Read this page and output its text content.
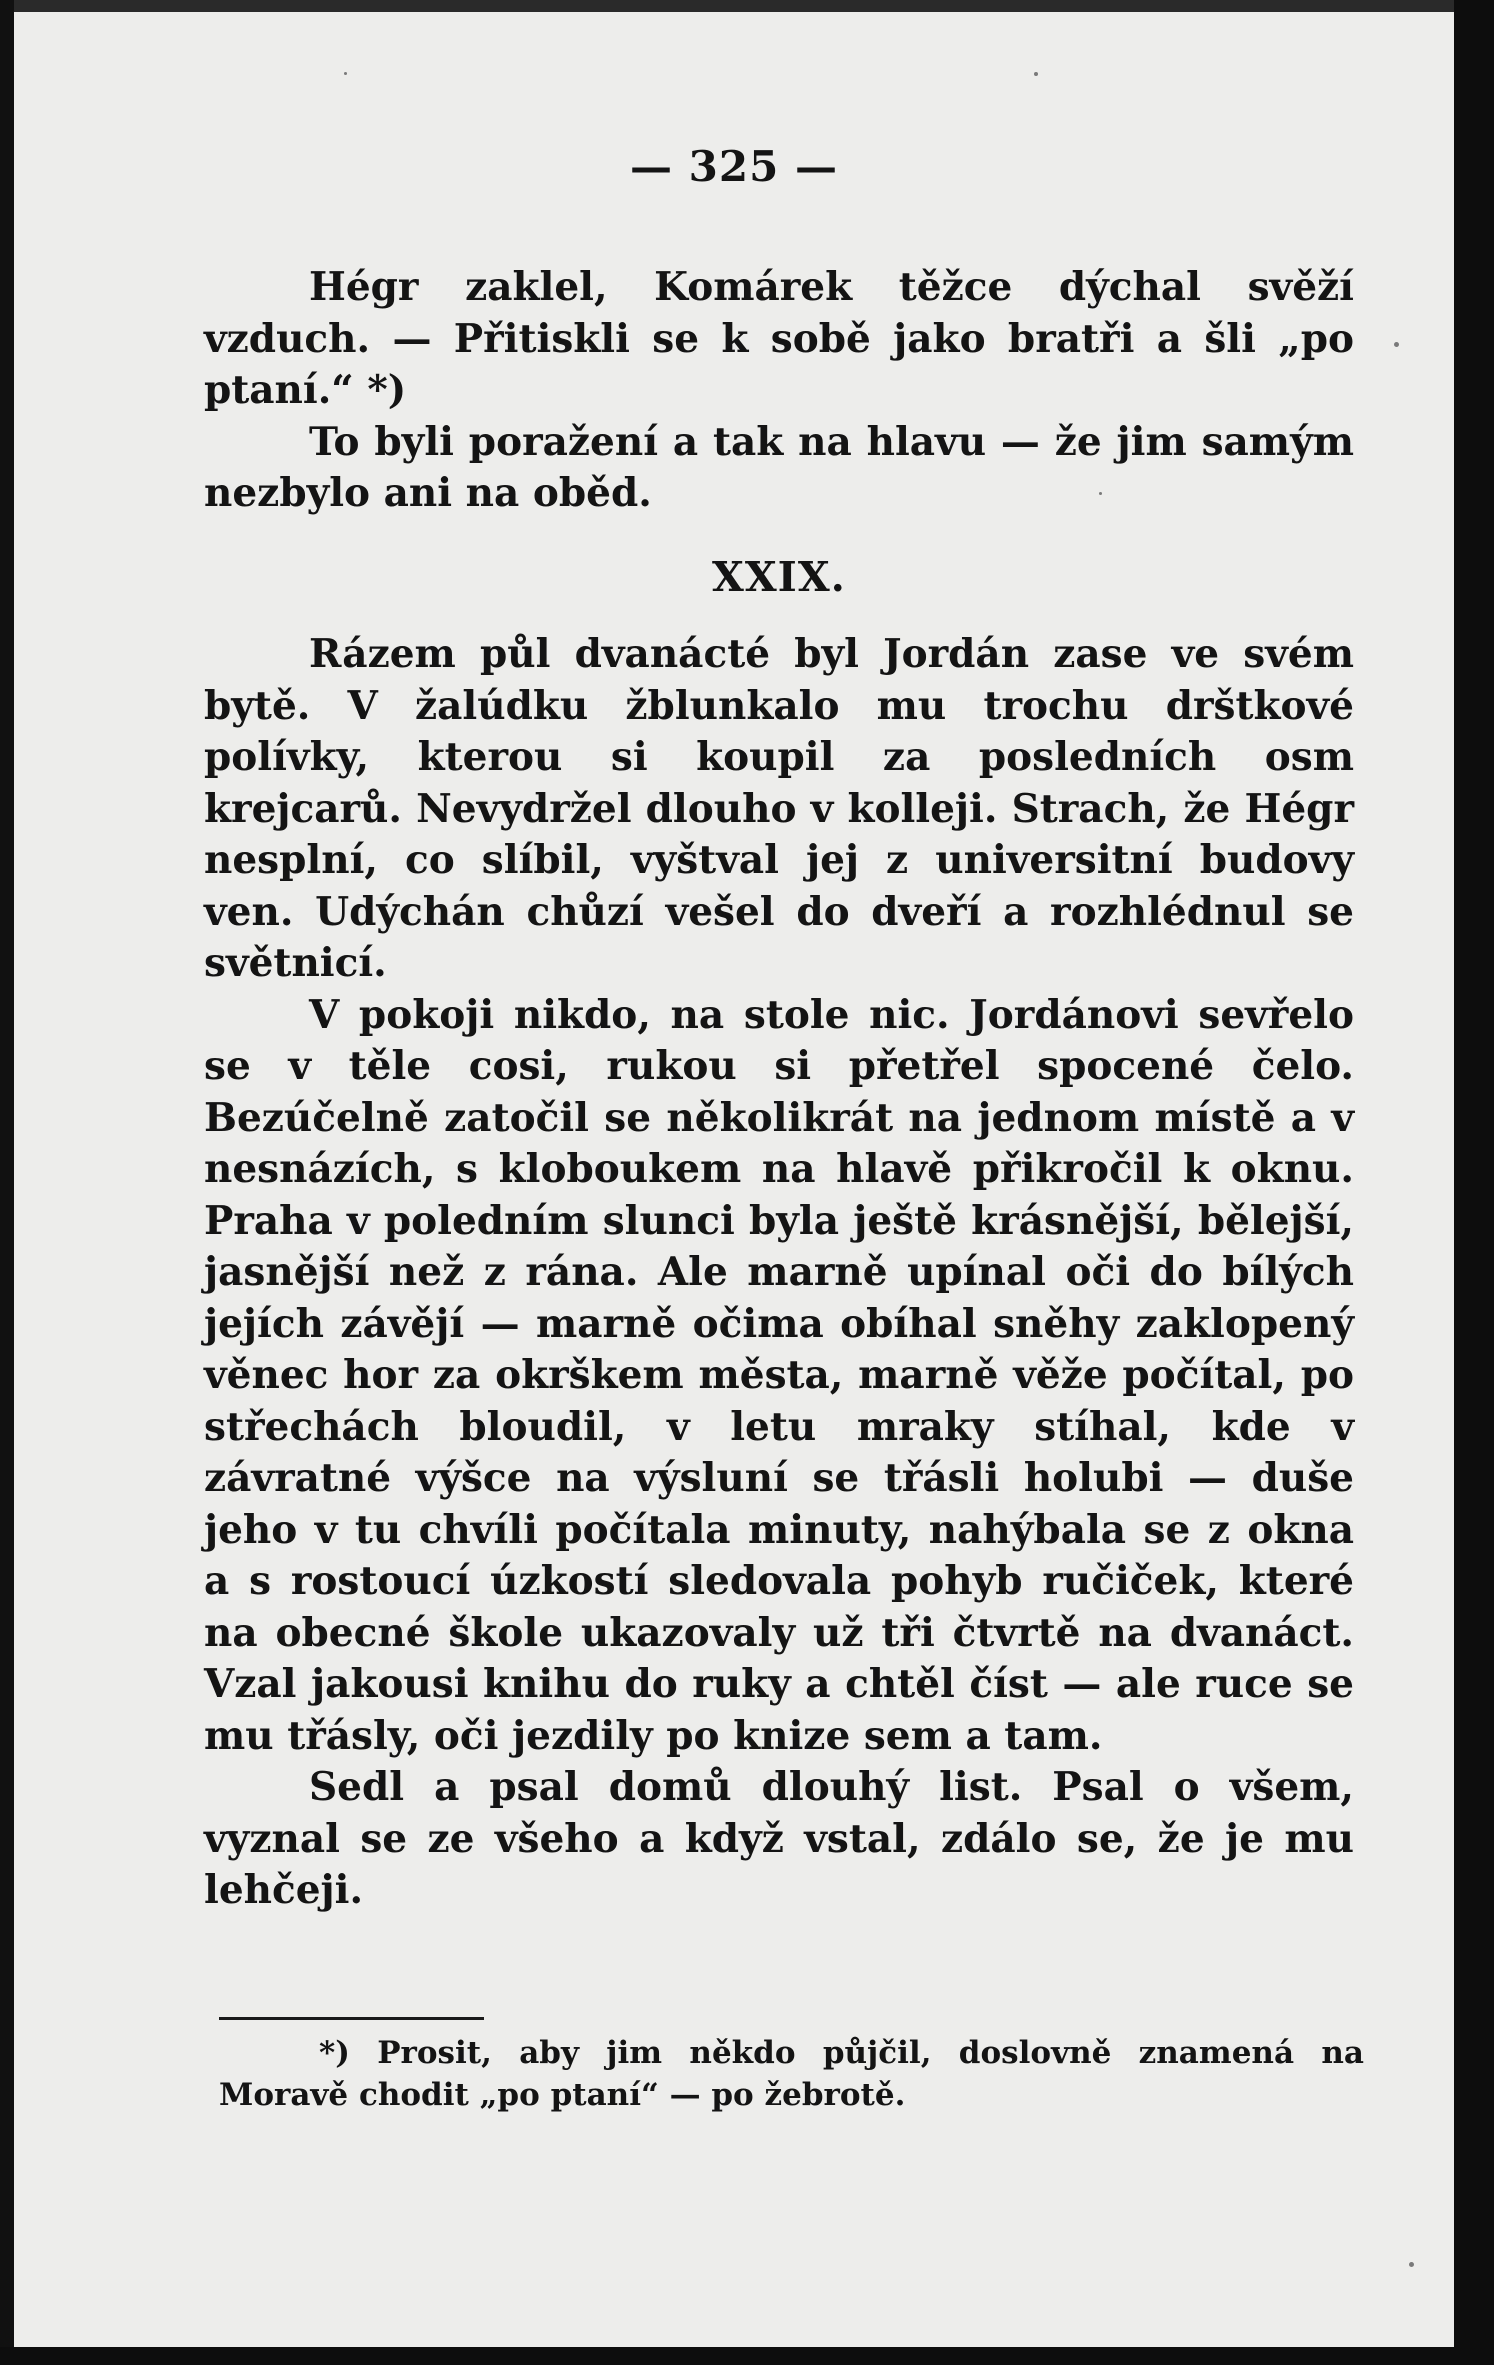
— 325 —

Hégr zaklel, Komárek těžce dýchal svěží vzduch. — Přitiskli se k sobě jako bratři a šli „po ptaní.“ *)

To byli poražení a tak na hlavu — že jim samým nezbylo ani na oběd.

XXIX.

Rázem půl dvanácté byl Jordán zase ve svém bytě. V žalúdku žblunkalo mu trochu drštkové polívky, kterou si koupil za posledních osm krejcarů. Nevydržel dlouho v kolleji. Strach, že Hégr nesplní, co slíbil, vyštval jej z universitní budovy ven. Udýchán chůzí vešel do dveří a rozhlédnul se světnicí.

V pokoji nikdo, na stole nic. Jordánovi sevřelo se v těle cosi, rukou si přetřel spocené čelo. Bezúčelně zatočil se několikrát na jednom místě a v nesnázích, s kloboukem na hlavě přikročil k oknu. Praha v poledním slunci byla ještě krásnější, bělejší, jasnější než z rána. Ale marně upínal oči do bílých jejích závějí — marně očima obíhal sněhy zaklopený věnec hor za okrškem města, marně věže počítal, po střechách bloudil, v letu mraky stíhal, kde v závratné výšce na výsluní se třásli holubi — duše jeho v tu chvíli počítala minuty, nahýbala se z okna a s rostoucí úzkostí sledovala pohyb ručiček, které na obecné škole ukazovaly už tři čtvrtě na dvanáct. Vzal jakousi knihu do ruky a chtěl číst — ale ruce se mu třásly, oči jezdily po knize sem a tam.

Sedl a psal domů dlouhý list. Psal o všem, vyznal se ze všeho a když vstal, zdálo se, že je mu lehčeji.

*) Prosit, aby jim někdo půjčil, doslovně znamená na Moravě chodit „po ptaní“ — po žebrotě.
